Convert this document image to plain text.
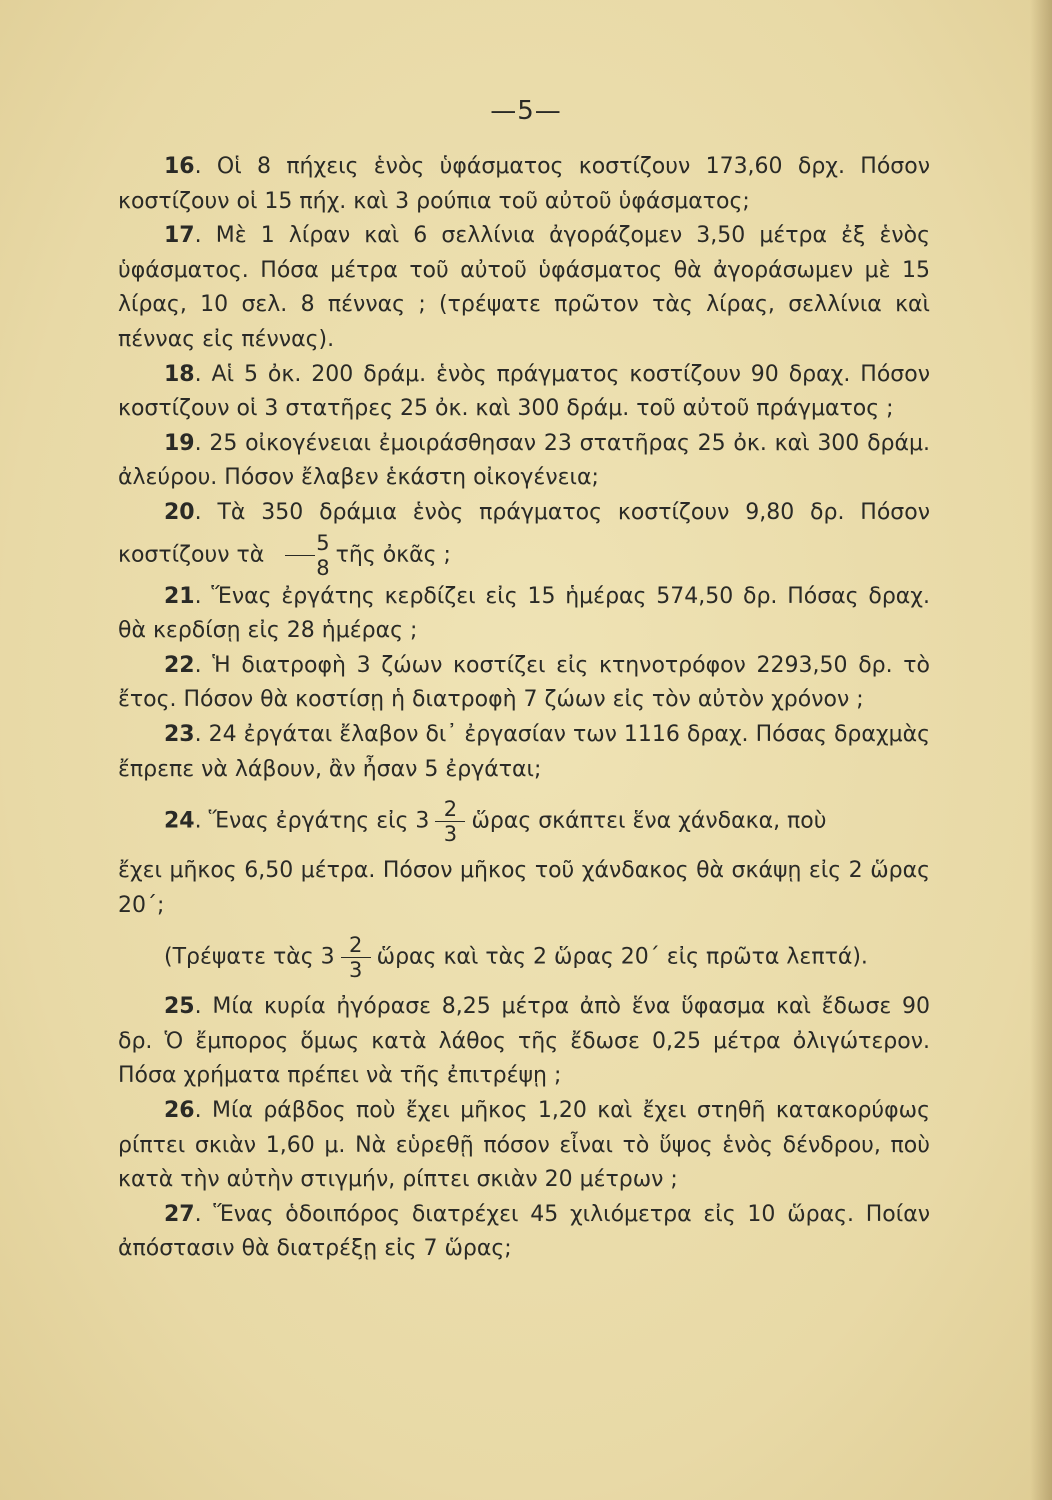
—5—

16. Οἱ 8 πήχεις ἑνὸς ὑφάσματος κοστίζουν 173,60 δρχ. Πόσον κοστίζουν οἱ 15 πήχ. καὶ 3 ρούπια τοῦ αὐτοῦ ὑφάσματος;

17. Μὲ 1 λίραν καὶ 6 σελλίνια ἀγοράζομεν 3,50 μέτρα ἐξ ἑνὸς ὑφάσματος. Πόσα μέτρα τοῦ αὐτοῦ ὑφάσματος θὰ ἀγοράσωμεν μὲ 15 λίρας, 10 σελ. 8 πέννας ; (τρέψατε πρῶτον τὰς λίρας, σελλίνια καὶ πέννας εἰς πέννας).

18. Αἱ 5 ὀκ. 200 δράμ. ἑνὸς πράγματος κοστίζουν 90 δραχ. Πόσον κοστίζουν οἱ 3 στατῆρες 25 ὀκ. καὶ 300 δράμ. τοῦ αὐτοῦ πράγματος ;

19. 25 οἰκογένειαι ἐμοιράσθησαν 23 στατῆρας 25 ὀκ. καὶ 300 δράμ. ἀλεύρου. Πόσον ἔλαβεν ἑκάστη οἰκογένεια;

20. Τὰ 350 δράμια ἑνὸς πράγματος κοστίζουν 9,80 δρ. Πόσον κοστίζουν τὰ $\frac{5}{8}$ τῆς ὀκᾶς ;

21. Ἕνας ἐργάτης κερδίζει εἰς 15 ἡμέρας 574,50 δρ. Πόσας δραχ. θὰ κερδίσῃ εἰς 28 ἡμέρας ;

22. Ἡ διατροφὴ 3 ζώων κοστίζει εἰς κτηνοτρόφον 2293,50 δρ. τὸ ἔτος. Πόσον θὰ κοστίσῃ ἡ διατροφὴ 7 ζώων εἰς τὸν αὐτὸν χρόνον ;

23. 24 ἐργάται ἔλαβον δι᾽ ἐργασίαν των 1116 δραχ. Πόσας δραχμὰς ἔπρεπε νὰ λάβουν, ἂν ἦσαν 5 ἐργάται;

24. Ἕνας ἐργάτης εἰς $3 \frac{2}{3}$ ὥρας σκάπτει ἕνα χάνδακα, ποὺ

ἔχει μῆκος 6,50 μέτρα. Πόσον μῆκος τοῦ χάνδακος θὰ σκάψῃ εἰς 2 ὥρας 20΄;

(Τρέψατε τὰς $3 \frac{2}{3}$ ὥρας καὶ τὰς 2 ὥρας 20΄ εἰς πρῶτα λεπτά).

25. Μία κυρία ἠγόρασε 8,25 μέτρα ἀπὸ ἕνα ὕφασμα καὶ ἔδωσε 90 δρ. Ὁ ἔμπορος ὅμως κατὰ λάθος τῆς ἔδωσε 0,25 μέτρα ὀλιγώτερον. Πόσα χρήματα πρέπει νὰ τῆς ἐπιτρέψῃ ;

26. Μία ράβδος ποὺ ἔχει μῆκος 1,20 καὶ ἔχει στηθῆ κατακορύφως ρίπτει σκιὰν 1,60 μ. Νὰ εὑρεθῇ πόσον εἶναι τὸ ὕψος ἑνὸς δένδρου, ποὺ κατὰ τὴν αὐτὴν στιγμήν, ρίπτει σκιὰν 20 μέτρων ;

27. Ἕνας ὁδοιπόρος διατρέχει 45 χιλιόμετρα εἰς 10 ὥρας. Ποίαν ἀπόστασιν θὰ διατρέξῃ εἰς 7 ὥρας;
